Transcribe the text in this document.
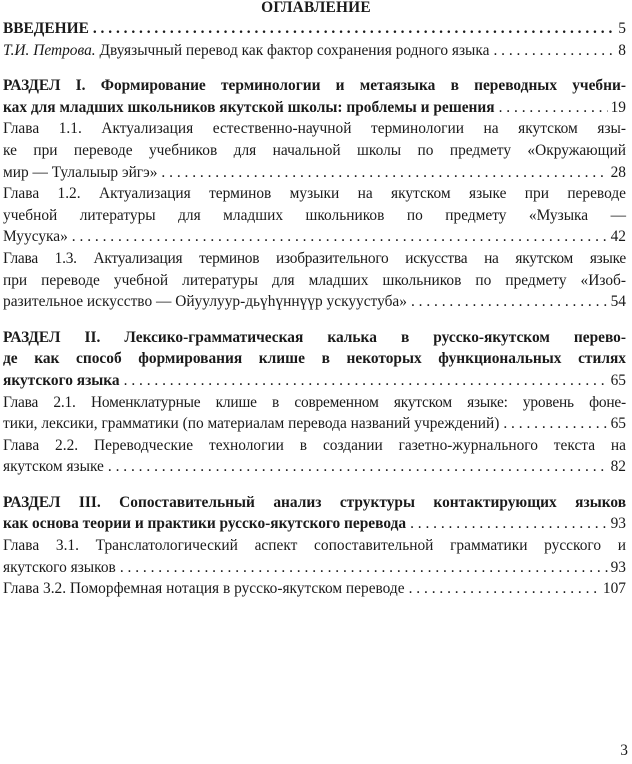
ОГЛАВЛЕНИЕ
ВВЕДЕНИЕ . . .	5
Т.И. Петрова. Двуязычный перевод как фактор сохранения родного языка . . .	8
РАЗДЕЛ I. Формирование терминологии и метаязыка в переводных учебни-
ках для младших школьников якутской школы: проблемы и решения . . .	19
Глава 1.1. Актуализация естественно-научной терминологии на якутском язы-
ке при переводе учебников для начальной школы по предмету «Окружающий
мир — Тулалыыр эйгэ» . . .	28
Глава 1.2. Актуализация терминов музыки на якутском языке при переводе
учебной литературы для младших школьников по предмету «Музыка —
Муусука» . . .	42
Глава 1.3. Актуализация терминов изобразительного искусства на якутском языке
при переводе учебной литературы для младших школьников по предмету «Изоб-
разительное искусство — Ойуулуур-дьүһүннүүр ускуустуба» . . .	54
РАЗДЕЛ II. Лексико-грамматическая калька в русско-якутском перево-
де как способ формирования клише в некоторых функциональных стилях
якутского языка . . .	65
Глава 2.1. Номенклатурные клише в современном якутском языке: уровень фоне-
тики, лексики, грамматики (по материалам перевода названий учреждений) . . .	65
Глава 2.2. Переводческие технологии в создании газетно-журнального текста на
якутском языке . . .	82
РАЗДЕЛ III. Сопоставительный анализ структуры контактирующих языков
как основа теории и практики русско-якутского перевода . . .	93
Глава 3.1. Транслатологический аспект сопоставительной грамматики русского и
якутского языков . . .	93
Глава 3.2. Поморфемная нотация в русско-якутском переводе . . .	107
3
